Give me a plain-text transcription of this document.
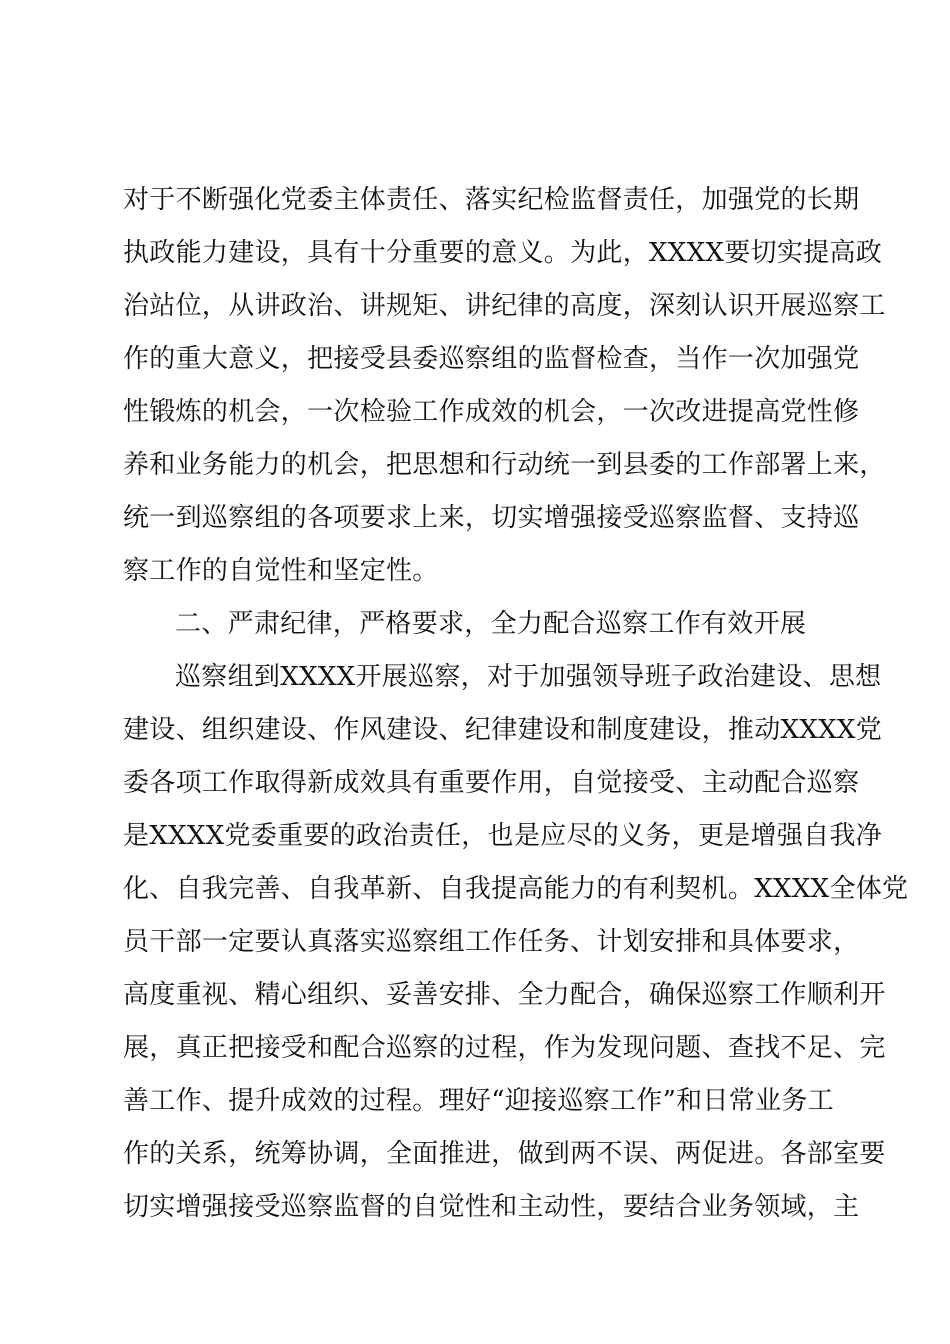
对于不断强化党委主体责任、落实纪检监督责任，加强党的长期
执政能力建设，具有十分重要的意义。为此，XXXX要切实提高政
治站位，从讲政治、讲规矩、讲纪律的高度，深刻认识开展巡察工
作的重大意义，把接受县委巡察组的监督检查，当作一次加强党
性锻炼的机会，一次检验工作成效的机会，一次改进提高党性修
养和业务能力的机会，把思想和行动统一到县委的工作部署上来，
统一到巡察组的各项要求上来，切实增强接受巡察监督、支持巡
察工作的自觉性和坚定性。
二、严肃纪律，严格要求，全力配合巡察工作有效开展
巡察组到XXXX开展巡察，对于加强领导班子政治建设、思想
建设、组织建设、作风建设、纪律建设和制度建设，推动XXXX党
委各项工作取得新成效具有重要作用，自觉接受、主动配合巡察
是XXXX党委重要的政治责任，也是应尽的义务，更是增强自我净
化、自我完善、自我革新、自我提高能力的有利契机。XXXX全体党
员干部一定要认真落实巡察组工作任务、计划安排和具体要求，
高度重视、精心组织、妥善安排、全力配合，确保巡察工作顺利开
展，真正把接受和配合巡察的过程，作为发现问题、查找不足、完
善工作、提升成效的过程。理好“迎接巡察工作”和日常业务工
作的关系，统筹协调，全面推进，做到两不误、两促进。各部室要
切实增强接受巡察监督的自觉性和主动性，要结合业务领域，主
